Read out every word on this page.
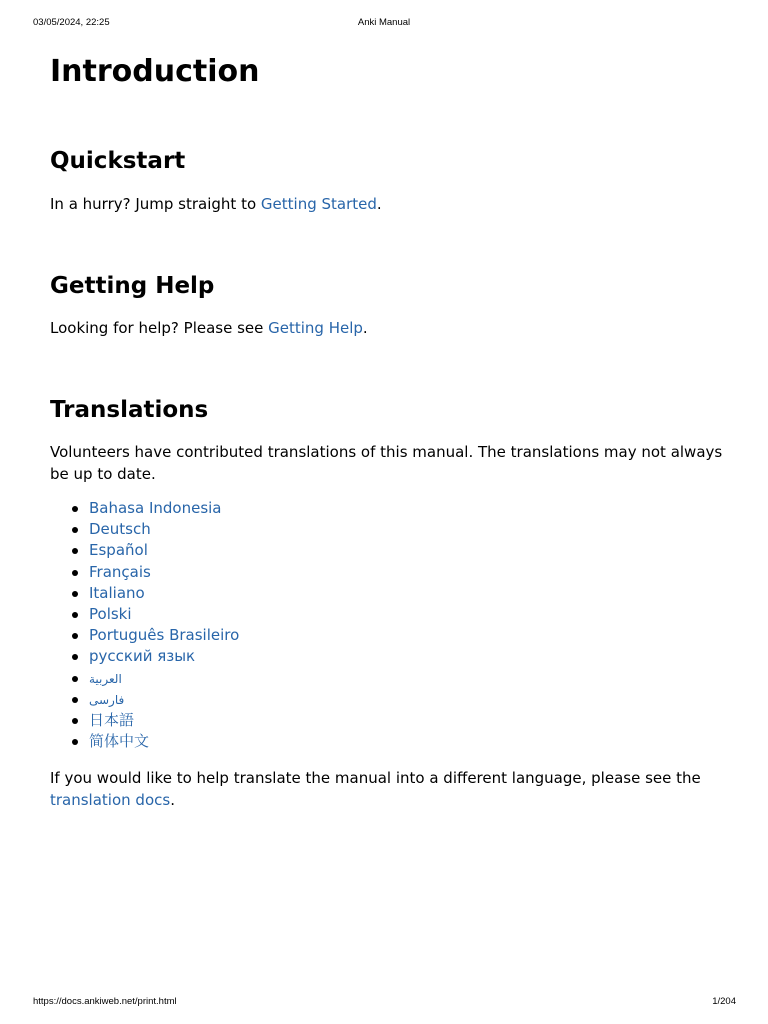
03/05/2024, 22:25	Anki Manual
Introduction
Quickstart

In a hurry? Jump straight to Getting Started.

Getting Help

Looking for help? Please see Getting Help.

Translations

Volunteers have contributed translations of this manual. The translations may not always be up to date.

Bahasa Indonesia
Deutsch
Español
Français
Italiano
Polski
Português Brasileiro
русский язык
العربية
فارسی
日本語
简体中文

If you would like to help translate the manual into a different language, please see the translation docs.

https://docs.ankiweb.net/print.html	1/204
